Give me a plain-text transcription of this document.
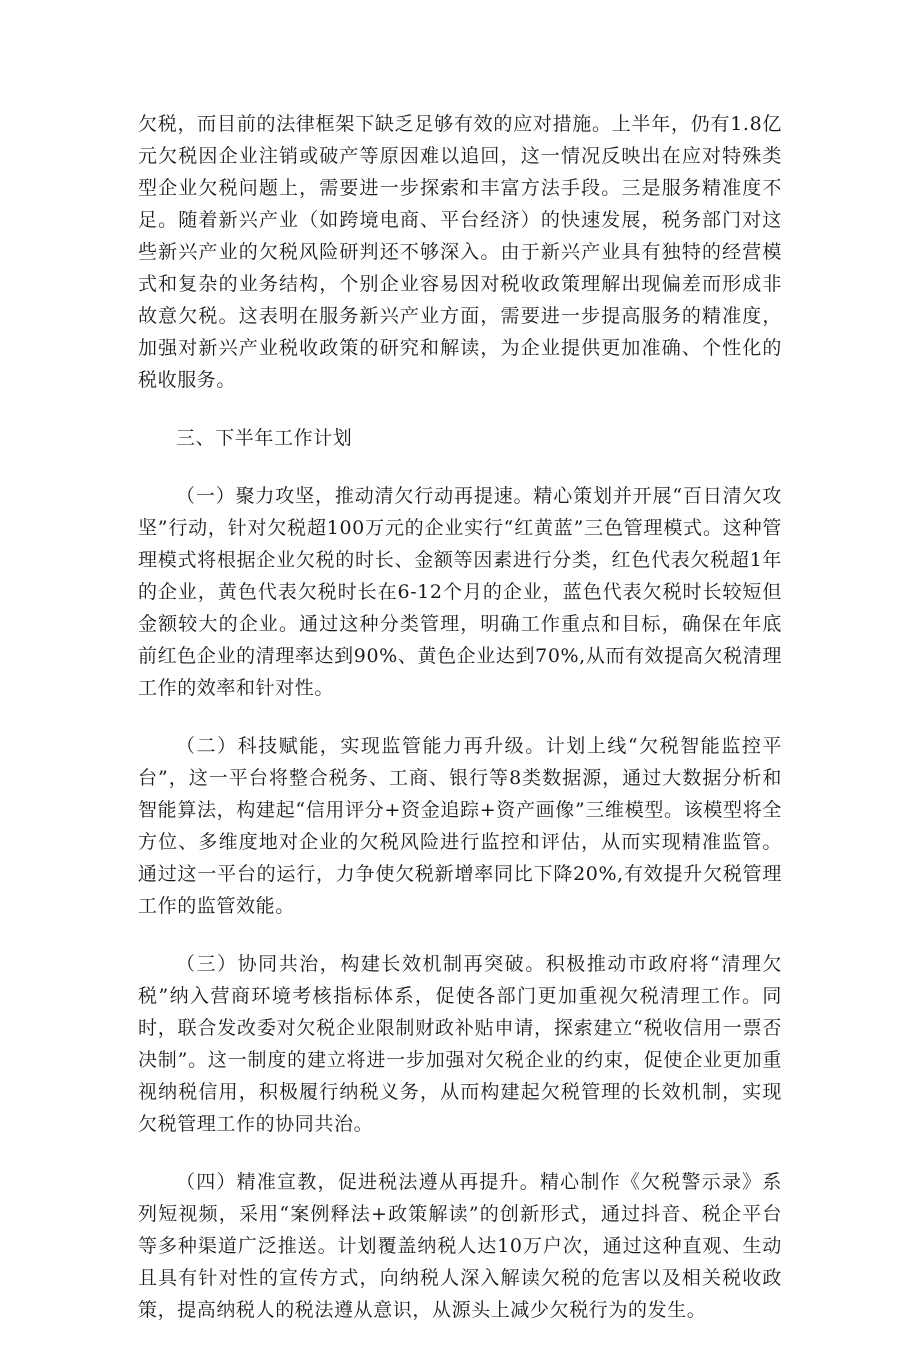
欠税，而目前的法律框架下缺乏足够有效的应对措施。上半年，仍有1.8亿元欠税因企业注销或破产等原因难以追回，这一情况反映出在应对特殊类型企业欠税问题上，需要进一步探索和丰富方法手段。三是服务精准度不足。随着新兴产业（如跨境电商、平台经济）的快速发展，税务部门对这些新兴产业的欠税风险研判还不够深入。由于新兴产业具有独特的经营模式和复杂的业务结构，个别企业容易因对税收政策理解出现偏差而形成非故意欠税。这表明在服务新兴产业方面，需要进一步提高服务的精准度，加强对新兴产业税收政策的研究和解读，为企业提供更加准确、个性化的税收服务。

三、下半年工作计划

（一）聚力攻坚，推动清欠行动再提速。精心策划并开展“百日清欠攻坚”行动，针对欠税超100万元的企业实行“红黄蓝”三色管理模式。这种管理模式将根据企业欠税的时长、金额等因素进行分类，红色代表欠税超1年的企业，黄色代表欠税时长在6-12个月的企业，蓝色代表欠税时长较短但金额较大的企业。通过这种分类管理，明确工作重点和目标，确保在年底前红色企业的清理率达到90%、黄色企业达到70%,从而有效提高欠税清理工作的效率和针对性。

（二）科技赋能，实现监管能力再升级。计划上线“欠税智能监控平台”，这一平台将整合税务、工商、银行等8类数据源，通过大数据分析和智能算法，构建起“信用评分+资金追踪+资产画像”三维模型。该模型将全方位、多维度地对企业的欠税风险进行监控和评估，从而实现精准监管。通过这一平台的运行，力争使欠税新增率同比下降20%,有效提升欠税管理工作的监管效能。

（三）协同共治，构建长效机制再突破。积极推动市政府将“清理欠税”纳入营商环境考核指标体系，促使各部门更加重视欠税清理工作。同时，联合发改委对欠税企业限制财政补贴申请，探索建立“税收信用一票否决制”。这一制度的建立将进一步加强对欠税企业的约束，促使企业更加重视纳税信用，积极履行纳税义务，从而构建起欠税管理的长效机制，实现欠税管理工作的协同共治。

（四）精准宣教，促进税法遵从再提升。精心制作《欠税警示录》系列短视频，采用“案例释法+政策解读”的创新形式，通过抖音、税企平台等多种渠道广泛推送。计划覆盖纳税人达10万户次，通过这种直观、生动且具有针对性的宣传方式，向纳税人深入解读欠税的危害以及相关税收政策，提高纳税人的税法遵从意识，从源头上减少欠税行为的发生。
